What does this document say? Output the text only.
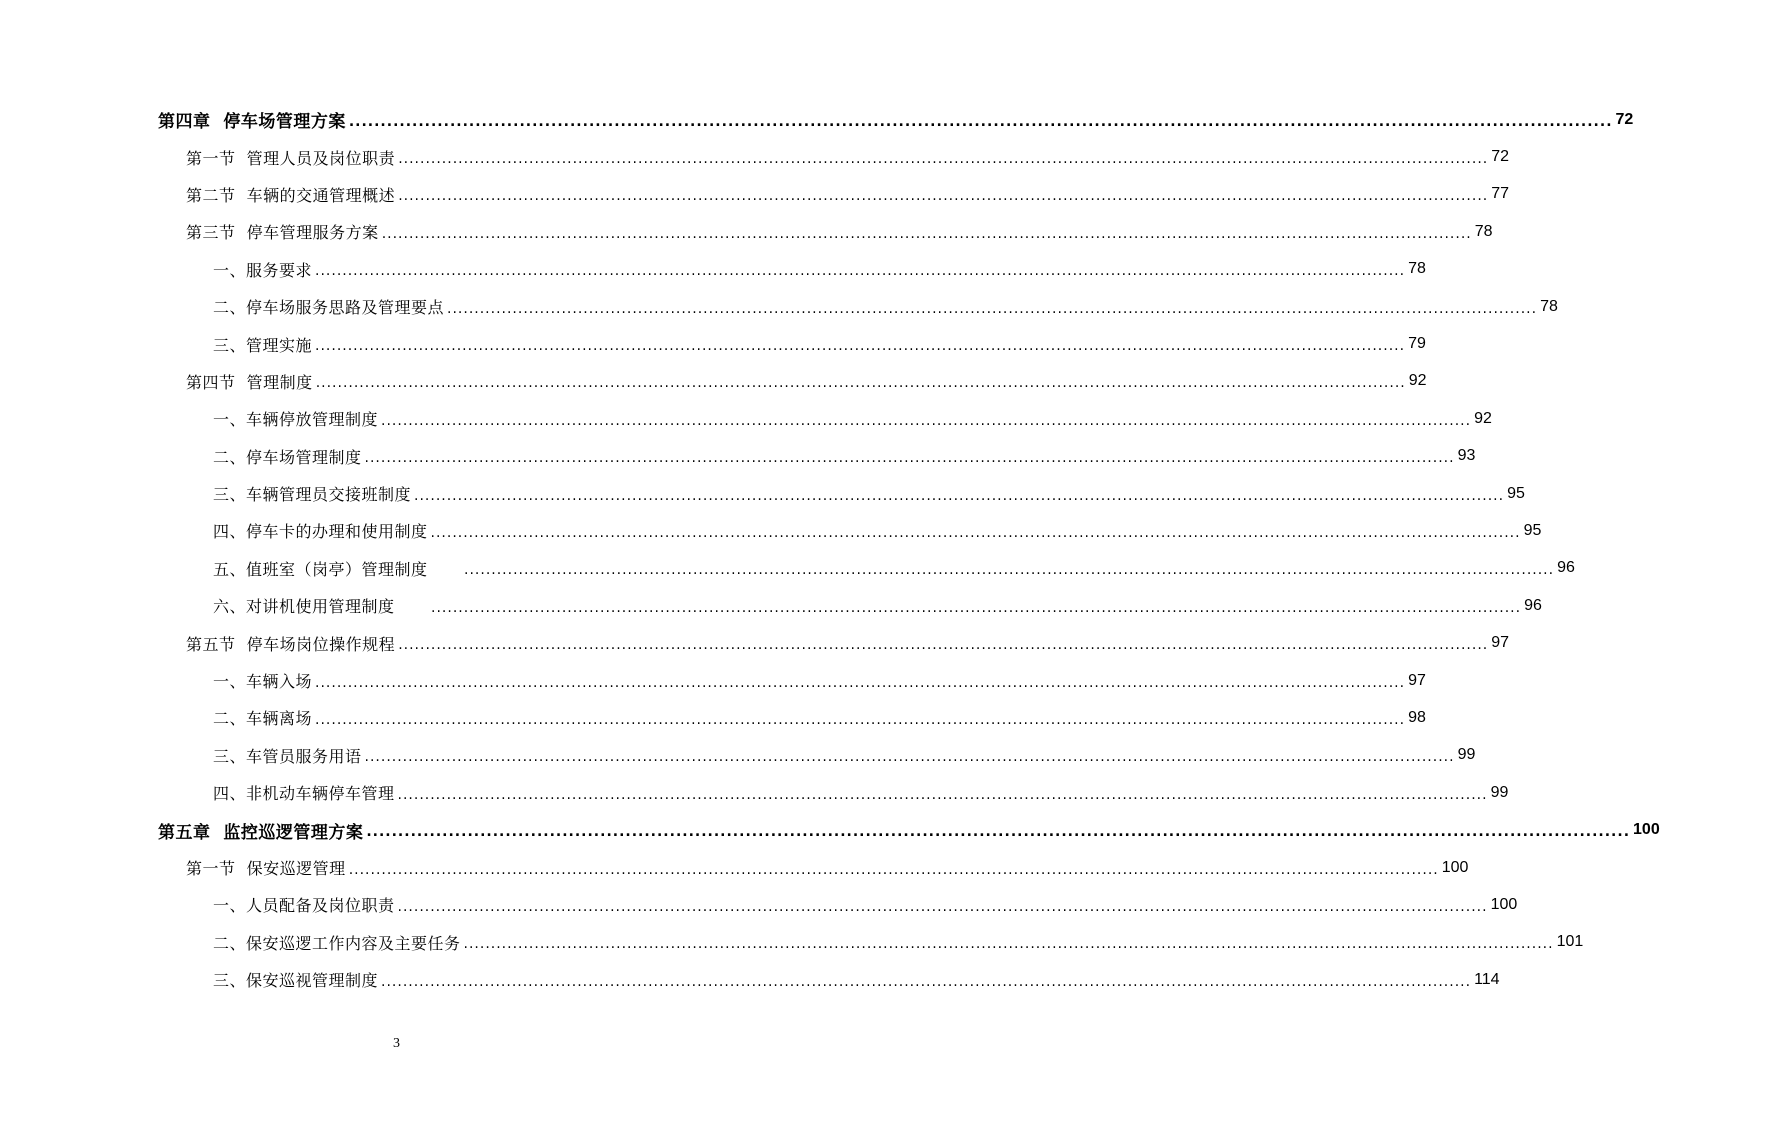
第四章  停车场管理方案 ........................................................................................................................................................................................................ 72
第一节  管理人员及岗位职责 ........................................................................................................................................................................................................ 72
第二节  车辆的交通管理概述 ........................................................................................................................................................................................................ 77
第三节  停车管理服务方案 ........................................................................................................................................................................................................ 78
一、服务要求 ........................................................................................................................................................................................................ 78
二、停车场服务思路及管理要点 ........................................................................................................................................................................................................ 78
三、管理实施 ........................................................................................................................................................................................................ 79
第四节  管理制度 ........................................................................................................................................................................................................ 92
一、车辆停放管理制度 ........................................................................................................................................................................................................ 92
二、停车场管理制度 ........................................................................................................................................................................................................ 93
三、车辆管理员交接班制度 ........................................................................................................................................................................................................ 95
四、停车卡的办理和使用制度 ........................................................................................................................................................................................................ 95
五、值班室（岗亭）管理制度 ........................................................................................................................................................................................................ 96
六、对讲机使用管理制度 ........................................................................................................................................................................................................ 96
第五节  停车场岗位操作规程 ........................................................................................................................................................................................................ 97
一、车辆入场 ........................................................................................................................................................................................................ 97
二、车辆离场 ........................................................................................................................................................................................................ 98
三、车管员服务用语 ........................................................................................................................................................................................................ 99
四、非机动车辆停车管理 ........................................................................................................................................................................................................ 99
第五章  监控巡逻管理方案 ........................................................................................................................................................................................................ 100
第一节  保安巡逻管理 ........................................................................................................................................................................................................ 100
一、人员配备及岗位职责 ........................................................................................................................................................................................................ 100
二、保安巡逻工作内容及主要任务 ........................................................................................................................................................................................................ 101
三、保安巡视管理制度 ........................................................................................................................................................................................................ 114
3
